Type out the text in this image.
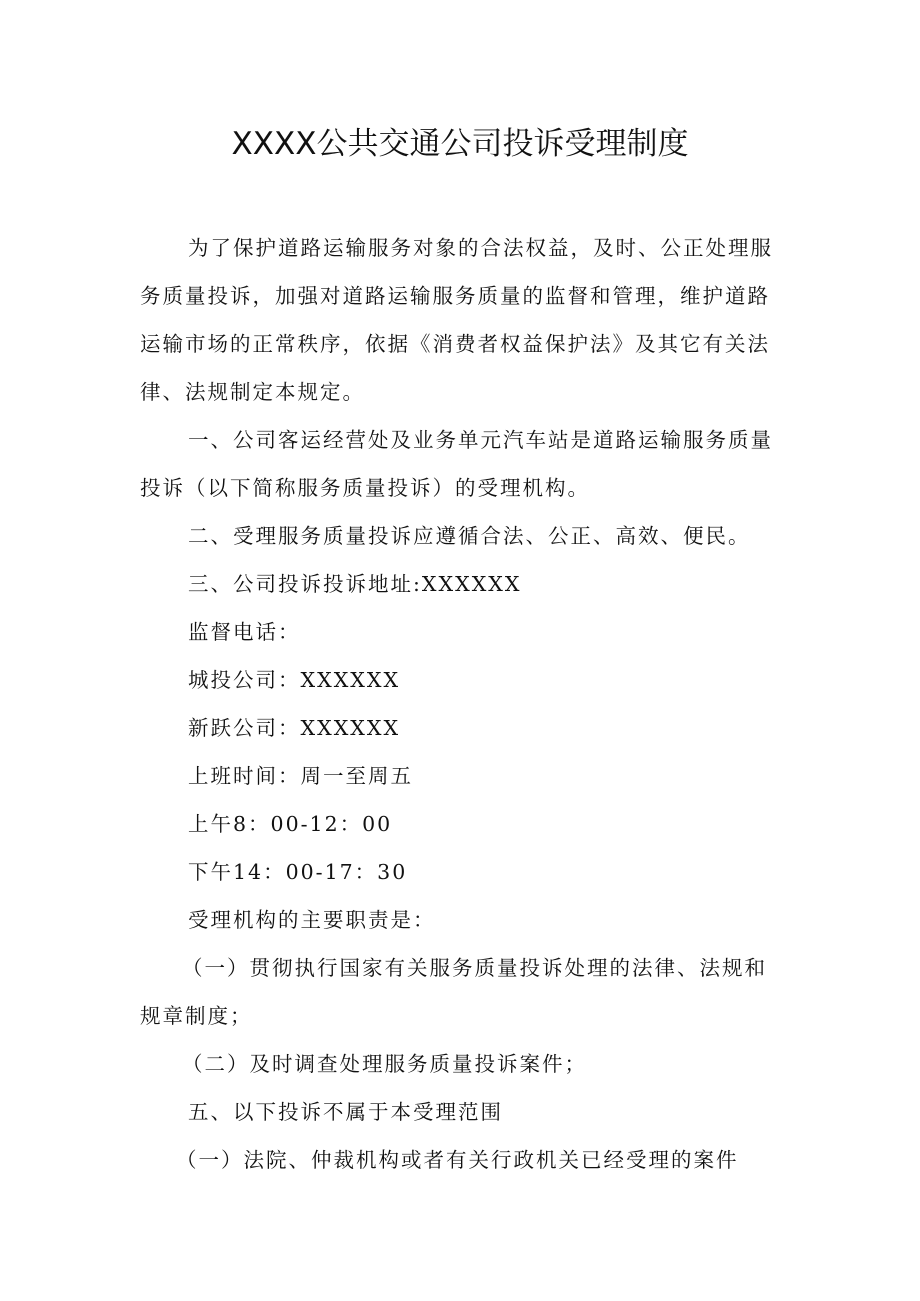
XXXX公共交通公司投诉受理制度

为了保护道路运输服务对象的合法权益，及时、公正处理服务质量投诉，加强对道路运输服务质量的监督和管理，维护道路运输市场的正常秩序，依据《消费者权益保护法》及其它有关法律、法规制定本规定。

一、公司客运经营处及业务单元汽车站是道路运输服务质量投诉（以下简称服务质量投诉）的受理机构。

二、受理服务质量投诉应遵循合法、公正、高效、便民。

三、公司投诉投诉地址:XXXXXX

监督电话：

城投公司：XXXXXX

新跃公司：XXXXXX

上班时间：周一至周五

上午8：00-12：00

下午14：00-17：30

受理机构的主要职责是：

（一）贯彻执行国家有关服务质量投诉处理的法律、法规和规章制度；

（二）及时调查处理服务质量投诉案件；

五、以下投诉不属于本受理范围

（一）法院、仲裁机构或者有关行政机关已经受理的案件
